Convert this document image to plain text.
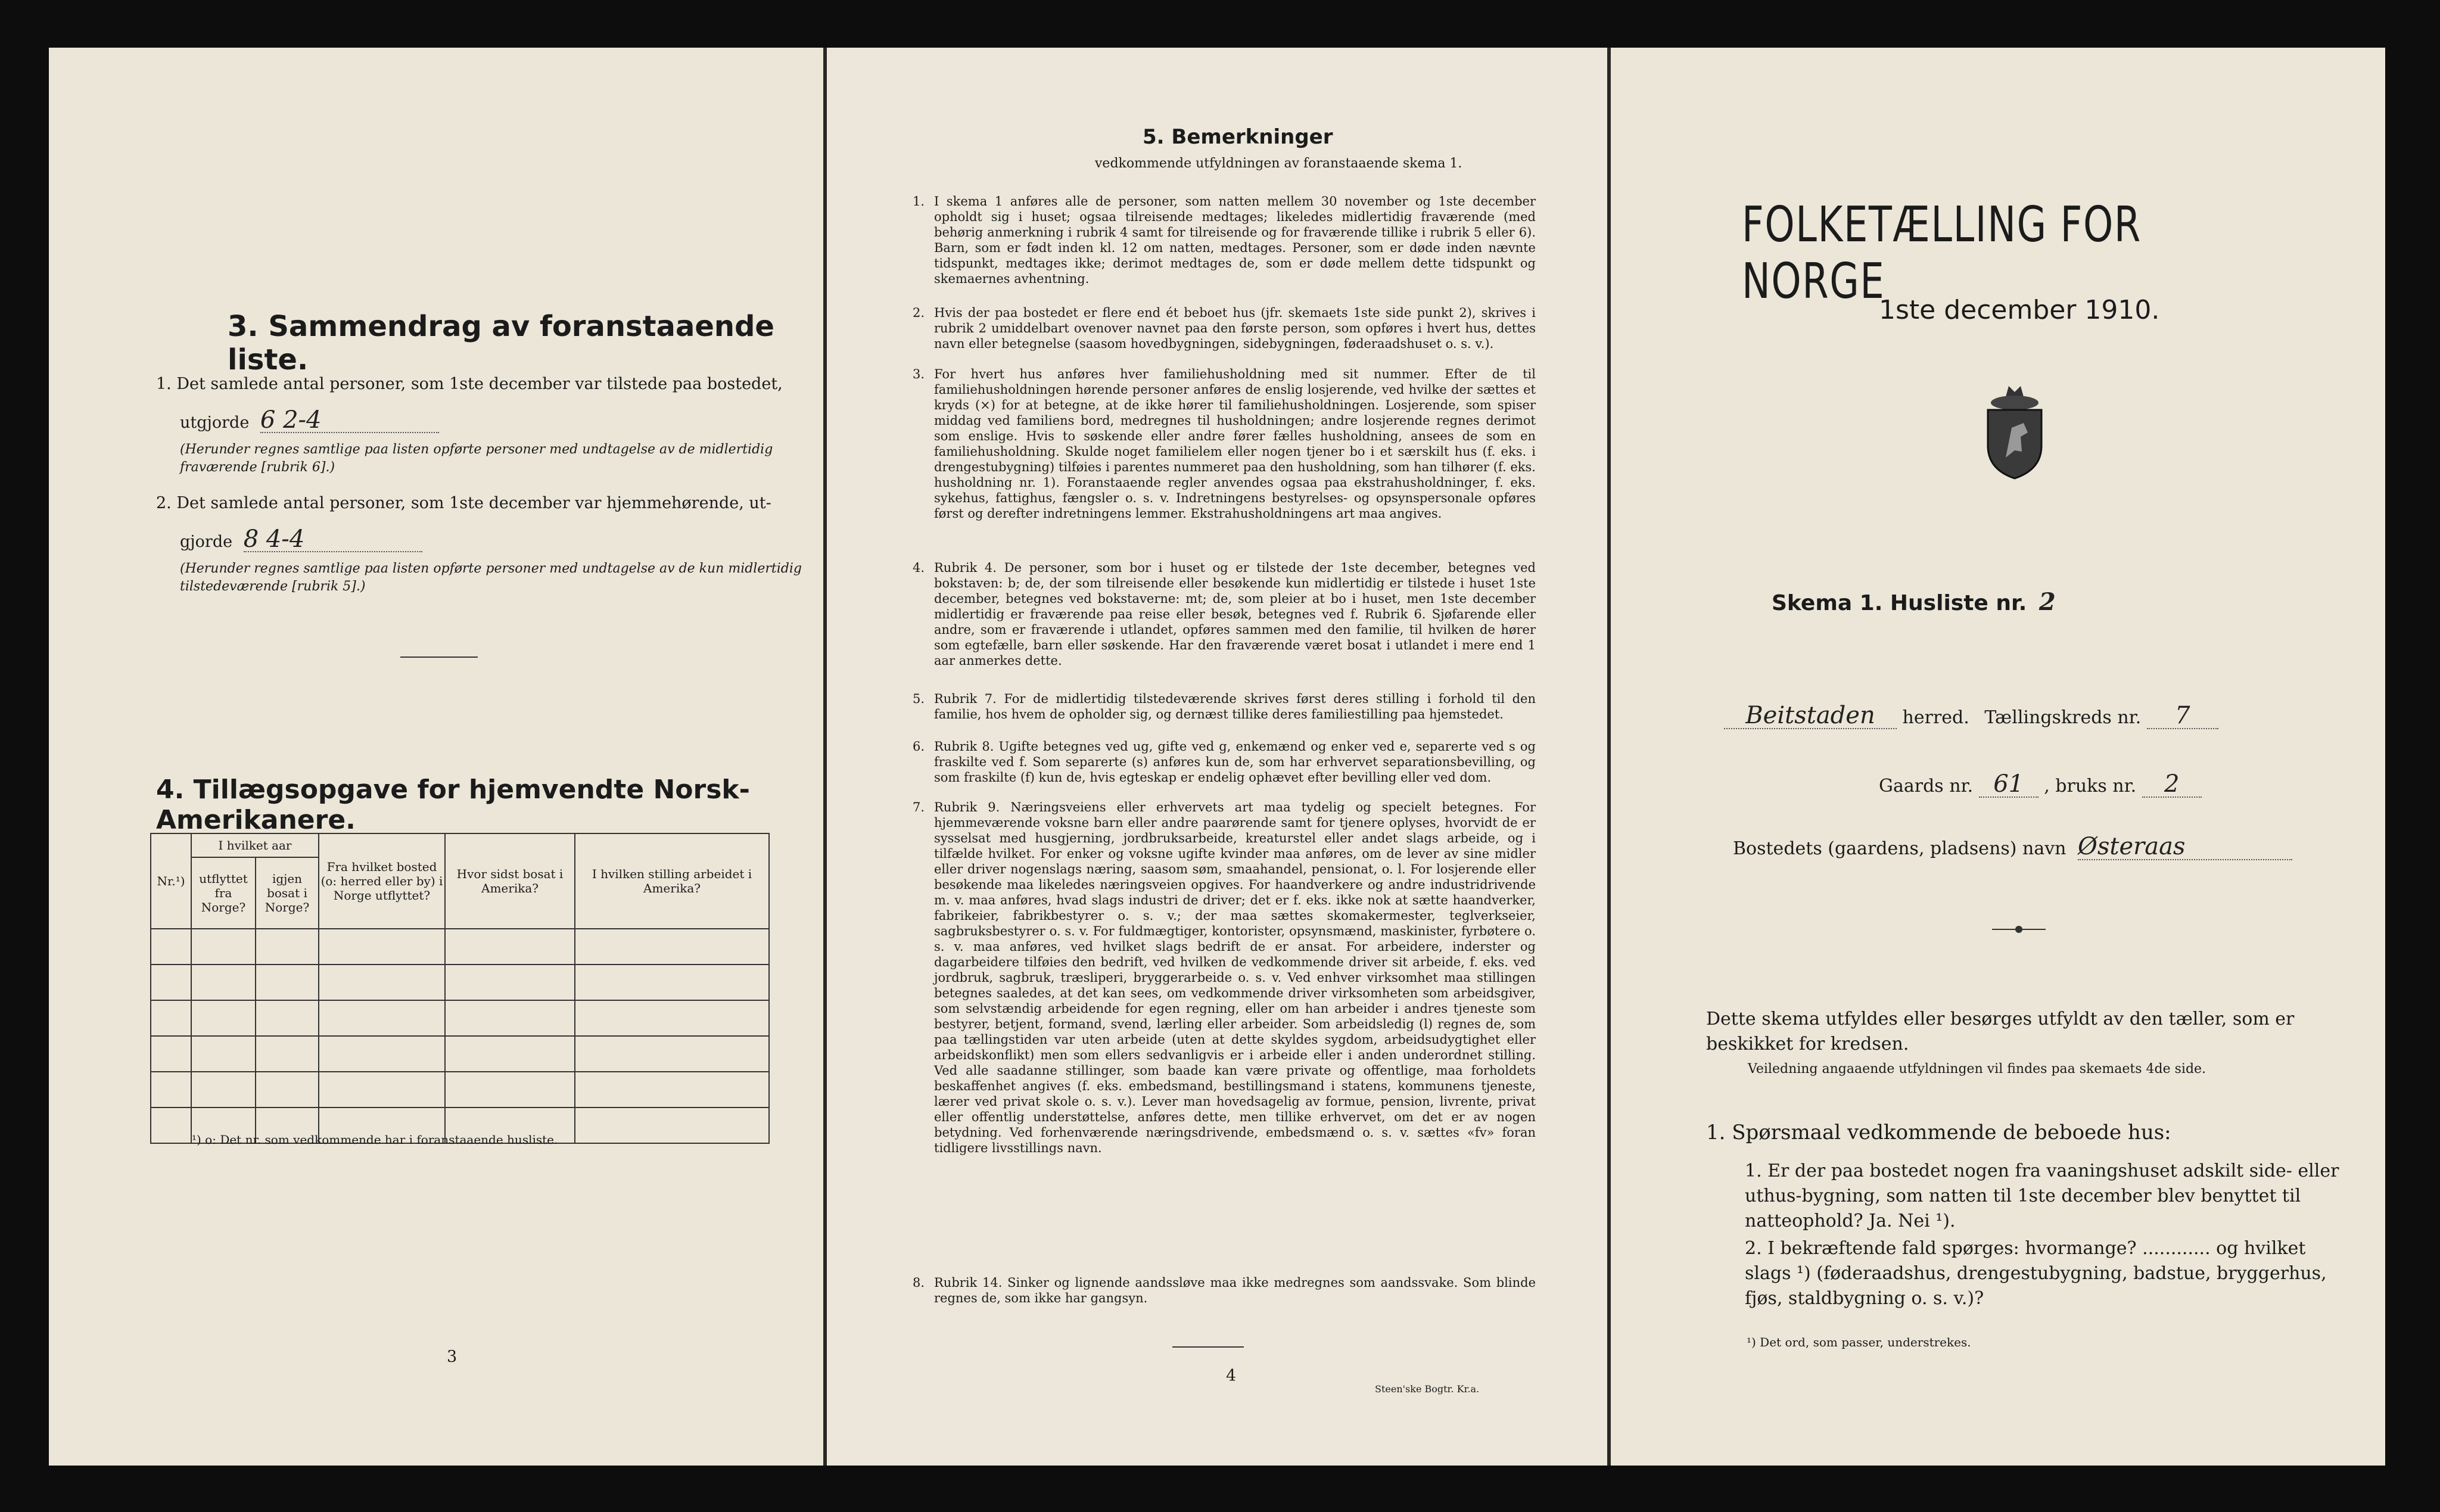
3. Sammendrag av foranstaaende liste.
1. Det samlede antal personer, som 1ste december var tilstede paa bostedet,
utgjorde 6 2-4
(Herunder regnes samtlige paa listen opførte personer med undtagelse av de midlertidig fraværende [rubrik 6].)
2. Det samlede antal personer, som 1ste december var hjemmehørende, ut-
gjorde 8 4-4
(Herunder regnes samtlige paa listen opførte personer med undtagelse av de kun midlertidig tilstedeværende [rubrik 5].)
4. Tillægsopgave for hjemvendte Norsk-Amerikanere.
Nr.¹)	I hvilket aar		Fra hvilket bosted (o: herred eller by) i Norge utflyttet?	Hvor sidst bosat i Amerika?	I hvilken stilling arbeidet i Amerika?
	utflyttet fra Norge?	igjen bosat i Norge?			

¹) o: Det nr. som vedkommende har i foranstaaende husliste.
3
5. Bemerkninger
vedkommende utfyldningen av foranstaaende skema 1.
1. I skema 1 anføres alle de personer, som natten mellem 30 november og 1ste december opholdt sig i huset; ogsaa tilreisende medtages; likeledes midlertidig fraværende (med behørig anmerkning i rubrik 4 samt for tilreisende og for fraværende tillike i rubrik 5 eller 6). Barn, som er født inden kl. 12 om natten, medtages. Personer, som er døde inden nævnte tidspunkt, medtages ikke; derimot medtages de, som er døde mellem dette tidspunkt og skemaernes avhentning.
2. Hvis der paa bostedet er flere end ét beboet hus (jfr. skemaets 1ste side punkt 2), skrives i rubrik 2 umiddelbart ovenover navnet paa den første person, som opføres i hvert hus, dettes navn eller betegnelse (saasom hovedbygningen, sidebygningen, føderaadshuset o. s. v.).
3. For hvert hus anføres hver familiehusholdning med sit nummer. Efter de til familiehusholdningen hørende personer anføres de enslig losjerende, ved hvilke der sættes et kryds (×) for at betegne, at de ikke hører til familiehusholdningen. Losjerende, som spiser middag ved familiens bord, medregnes til husholdningen; andre losjerende regnes derimot som enslige. Hvis to søskende eller andre fører fælles husholdning, ansees de som en familiehusholdning. Skulde noget familielem eller nogen tjener bo i et særskilt hus (f. eks. i drengestubygning) tilføies i parentes nummeret paa den husholdning, som han tilhører (f. eks. husholdning nr. 1). Foranstaaende regler anvendes ogsaa paa ekstrahusholdninger, f. eks. sykehus, fattighus, fængsler o. s. v. Indretningens bestyrelses- og opsynspersonale opføres først og derefter indretningens lemmer. Ekstrahusholdningens art maa angives.
4. Rubrik 4. De personer, som bor i huset og er tilstede der 1ste december, betegnes ved bokstaven: b; de, der som tilreisende eller besøkende kun midlertidig er tilstede i huset 1ste december, betegnes ved bokstaverne: mt; de, som pleier at bo i huset, men 1ste december midlertidig er fraværende paa reise eller besøk, betegnes ved f. Rubrik 6. Sjøfarende eller andre, som er fraværende i utlandet, opføres sammen med den familie, til hvilken de hører som egtefælle, barn eller søskende. Har den fraværende været bosat i utlandet i mere end 1 aar anmerkes dette.
5. Rubrik 7. For de midlertidig tilstedeværende skrives først deres stilling i forhold til den familie, hos hvem de opholder sig, og dernæst tillike deres familiestilling paa hjemstedet.
6. Rubrik 8. Ugifte betegnes ved ug, gifte ved g, enkemænd og enker ved e, separerte ved s og fraskilte ved f. Som separerte (s) anføres kun de, som har erhvervet separationsbevilling, og som fraskilte (f) kun de, hvis egteskap er endelig ophævet efter bevilling eller ved dom.
7. Rubrik 9. Næringsveiens eller erhvervets art maa tydelig og specielt betegnes. For hjemmeværende voksne barn eller andre paarørende samt for tjenere oplyses, hvorvidt de er sysselsat med husgjerning, jordbruksarbeide, kreaturstel eller andet slags arbeide, og i tilfælde hvilket. For enker og voksne ugifte kvinder maa anføres, om de lever av sine midler eller driver nogenslags næring, saasom søm, smaahandel, pensionat, o. l. For losjerende eller besøkende maa likeledes næringsveien opgives. For haandverkere og andre industridrivende m. v. maa anføres, hvad slags industri de driver; det er f. eks. ikke nok at sætte haandverker, fabrikeier, fabrikbestyrer o. s. v.; der maa sættes skomakermester, teglverkseier, sagbruksbestyrer o. s. v. For fuldmægtiger, kontorister, opsynsmænd, maskinister, fyrbøtere o. s. v. maa anføres, ved hvilket slags bedrift de er ansat. For arbeidere, inderster og dagarbeidere tilføies den bedrift, ved hvilken de vedkommende driver sit arbeide, f. eks. ved jordbruk, sagbruk, træsliperi, bryggerarbeide o. s. v. Ved enhver virksomhet maa stillingen betegnes saaledes, at det kan sees, om vedkommende driver virksomheten som arbeidsgiver, som selvstændig arbeidende for egen regning, eller om han arbeider i andres tjeneste som bestyrer, betjent, formand, svend, lærling eller arbeider. Som arbeidsledig (l) regnes de, som paa tællingstiden var uten arbeide (uten at dette skyldes sygdom, arbeidsudygtighet eller arbeidskonflikt) men som ellers sedvanligvis er i arbeide eller i anden underordnet stilling. Ved alle saadanne stillinger, som baade kan være private og offentlige, maa forholdets beskaffenhet angives (f. eks. embedsmand, bestillingsmand i statens, kommunens tjeneste, lærer ved privat skole o. s. v.). Lever man hovedsagelig av formue, pension, livrente, privat eller offentlig understøttelse, anføres dette, men tillike erhvervet, om det er av nogen betydning. Ved forhenværende næringsdrivende, embedsmænd o. s. v. sættes «fv» foran tidligere livsstillings navn.
8. Rubrik 14. Sinker og lignende aandssløve maa ikke medregnes som aandssvake. Som blinde regnes de, som ikke har gangsyn.
4
Steen'ske Bogtr. Kr.a.
FOLKETÆLLING FOR NORGE
1ste december 1910.
Skema 1. Husliste nr. 2
Beitstaden herred. Tællingskreds nr. 7
Gaards nr. 61 , bruks nr. 2
Bostedets (gaardens, pladsens) navn Østeraas
Dette skema utfyldes eller besørges utfyldt av den tæller, som er beskikket for kredsen.
Veiledning angaaende utfyldningen vil findes paa skemaets 4de side.
1. Spørsmaal vedkommende de beboede hus:
1. Er der paa bostedet nogen fra vaaningshuset adskilt side- eller uthus-bygning, som natten til 1ste december blev benyttet til natteophold? Ja. Nei ¹).
2. I bekræftende fald spørges: hvormange? ............ og hvilket slags ¹) (føderaadshus, drengestubygning, badstue, bryggerhus, fjøs, staldbygning o. s. v.)?
¹) Det ord, som passer, understrekes.
